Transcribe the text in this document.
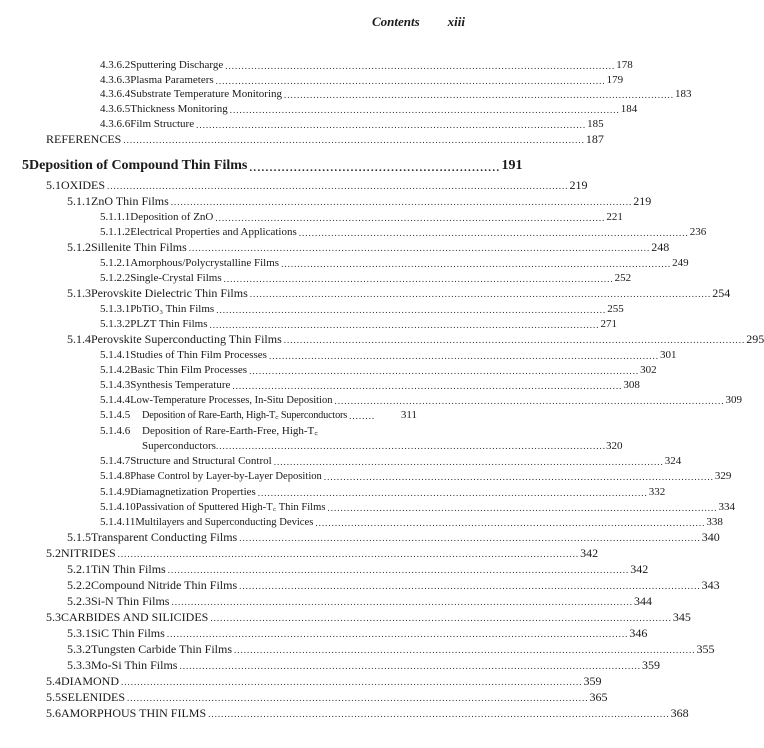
Contents xiii
4.3.6.2 Sputtering Discharge ........................................................................................................................ 178
4.3.6.3 Plasma Parameters ........................................................................................................................ 179
4.3.6.4 Substrate Temperature Monitoring ........................................................................................................................ 183
4.3.6.5 Thickness Monitoring ........................................................................................................................ 184
4.3.6.6 Film Structure ........................................................................................................................ 185
REFERENCES .............................................................................................................................................. 187
5 Deposition of Compound Thin Films .............................................................. 191
5.1 OXIDES .............................................................................................................................................. 219
5.1.1 ZnO Thin Films .............................................................................................................................................. 219
5.1.1.1 Deposition of ZnO ........................................................................................................................ 221
5.1.1.2 Electrical Properties and Applications ........................................................................................................................ 236
5.1.2 Sillenite Thin Films .............................................................................................................................................. 248
5.1.2.1 Amorphous/Polycrystalline Films ........................................................................................................................ 249
5.1.2.2 Single-Crystal Films ........................................................................................................................ 252
5.1.3 Perovskite Dielectric Thin Films .............................................................................................................................................. 254
5.1.3.1 PbTiO₃ Thin Films ........................................................................................................................ 255
5.1.3.2 PLZT Thin Films ........................................................................................................................ 271
5.1.4 Perovskite Superconducting Thin Films .............................................................................................................................................. 295
5.1.4.1 Studies of Thin Film Processes ........................................................................................................................ 301
5.1.4.2 Basic Thin Film Processes ........................................................................................................................ 302
5.1.4.3 Synthesis Temperature ........................................................................................................................ 308
5.1.4.4 Low-Temperature Processes, In-Situ Deposition ........................................................................................................................ 309
5.1.4.5	Deposition of Rare-Earth, High-T꜀ Superconductors ........	311
5.1.4.6	Deposition of Rare-Earth-Free, High-T꜀
Superconductors ........................................................................................................................ 320
5.1.4.7 Structure and Structural Control ........................................................................................................................ 324
5.1.4.8 Phase Control by Layer-by-Layer Deposition ........................................................................................................................ 329
5.1.4.9 Diamagnetization Properties ........................................................................................................................ 332
5.1.4.10 Passivation of Sputtered High-T꜀ Thin Films ........................................................................................................................ 334
5.1.4.11 Multilayers and Superconducting Devices ........................................................................................................................ 338
5.1.5 Transparent Conducting Films .............................................................................................................................................. 340
5.2 NITRIDES .............................................................................................................................................. 342
5.2.1 TiN Thin Films .............................................................................................................................................. 342
5.2.2 Compound Nitride Thin Films .............................................................................................................................................. 343
5.2.3 Si-N Thin Films .............................................................................................................................................. 344
5.3 CARBIDES AND SILICIDES .............................................................................................................................................. 345
5.3.1 SiC Thin Films .............................................................................................................................................. 346
5.3.2 Tungsten Carbide Thin Films .............................................................................................................................................. 355
5.3.3 Mo-Si Thin Films .............................................................................................................................................. 359
5.4 DIAMOND .............................................................................................................................................. 359
5.5 SELENIDES .............................................................................................................................................. 365
5.6 AMORPHOUS THIN FILMS .............................................................................................................................................. 368
